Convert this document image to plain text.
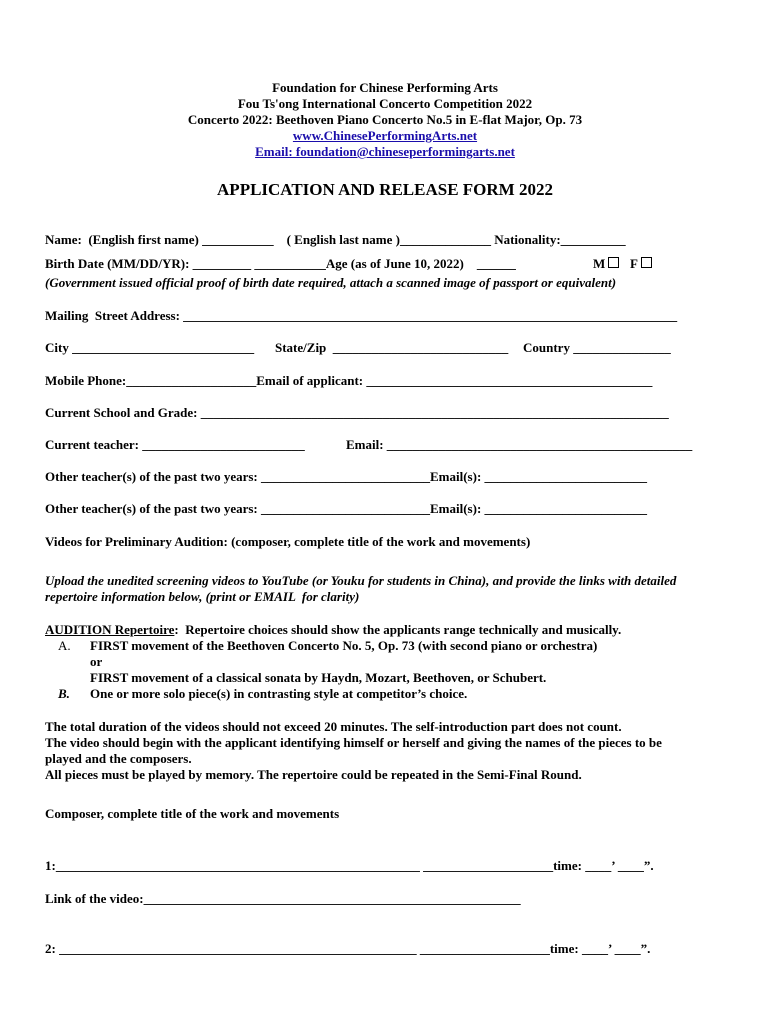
Foundation for Chinese Performing Arts
Fou Ts'ong International Concerto Competition 2022
Concerto 2022: Beethoven Piano Concerto No.5 in E-flat Major, Op. 73
www.ChinesePerformingArts.net
Email: foundation@chineseperformingarts.net
APPLICATION AND RELEASE FORM 2022
Name:  (English first name) ___________    ( English last name )______________ Nationality:__________
Birth Date (MM/DD/YR): _________ ___________Age (as of June 10, 2022)    ______	M	F
(Government issued official proof of birth date required, attach a scanned image of passport or equivalent)
Mailing  Street Address: ____________________________________________________________________________
City ____________________________ State/Zip  ___________________________ Country _______________
Mobile Phone:____________________Email of applicant: ____________________________________________
Current School and Grade: ________________________________________________________________________
Current teacher: _________________________	Email: _______________________________________________
Other teacher(s) of the past two years: __________________________Email(s): _________________________
Other teacher(s) of the past two years: __________________________Email(s): _________________________
Videos for Preliminary Audition: (composer, complete title of the work and movements)
Upload the unedited screening videos to YouTube (or Youku for students in China), and provide the links with detailed
repertoire information below, (print or EMAIL  for clarity)
AUDITION Repertoire:  Repertoire choices should show the applicants range technically and musically.
A. FIRST movement of the Beethoven Concerto No. 5, Op. 73 (with second piano or orchestra)
or
FIRST movement of a classical sonata by Haydn, Mozart, Beethoven, or Schubert.
B. One or more solo piece(s) in contrasting style at competitor’s choice.
The total duration of the videos should not exceed 20 minutes. The self-introduction part does not count.
The video should begin with the applicant identifying himself or herself and giving the names of the pieces to be
played and the composers.
All pieces must be played by memory. The repertoire could be repeated in the Semi-Final Round.
Composer, complete title of the work and movements
1:________________________________________________________ ____________________time: ____’ ____”.
Link of the video:__________________________________________________________
2: _______________________________________________________ ____________________time: ____’ ____”.
